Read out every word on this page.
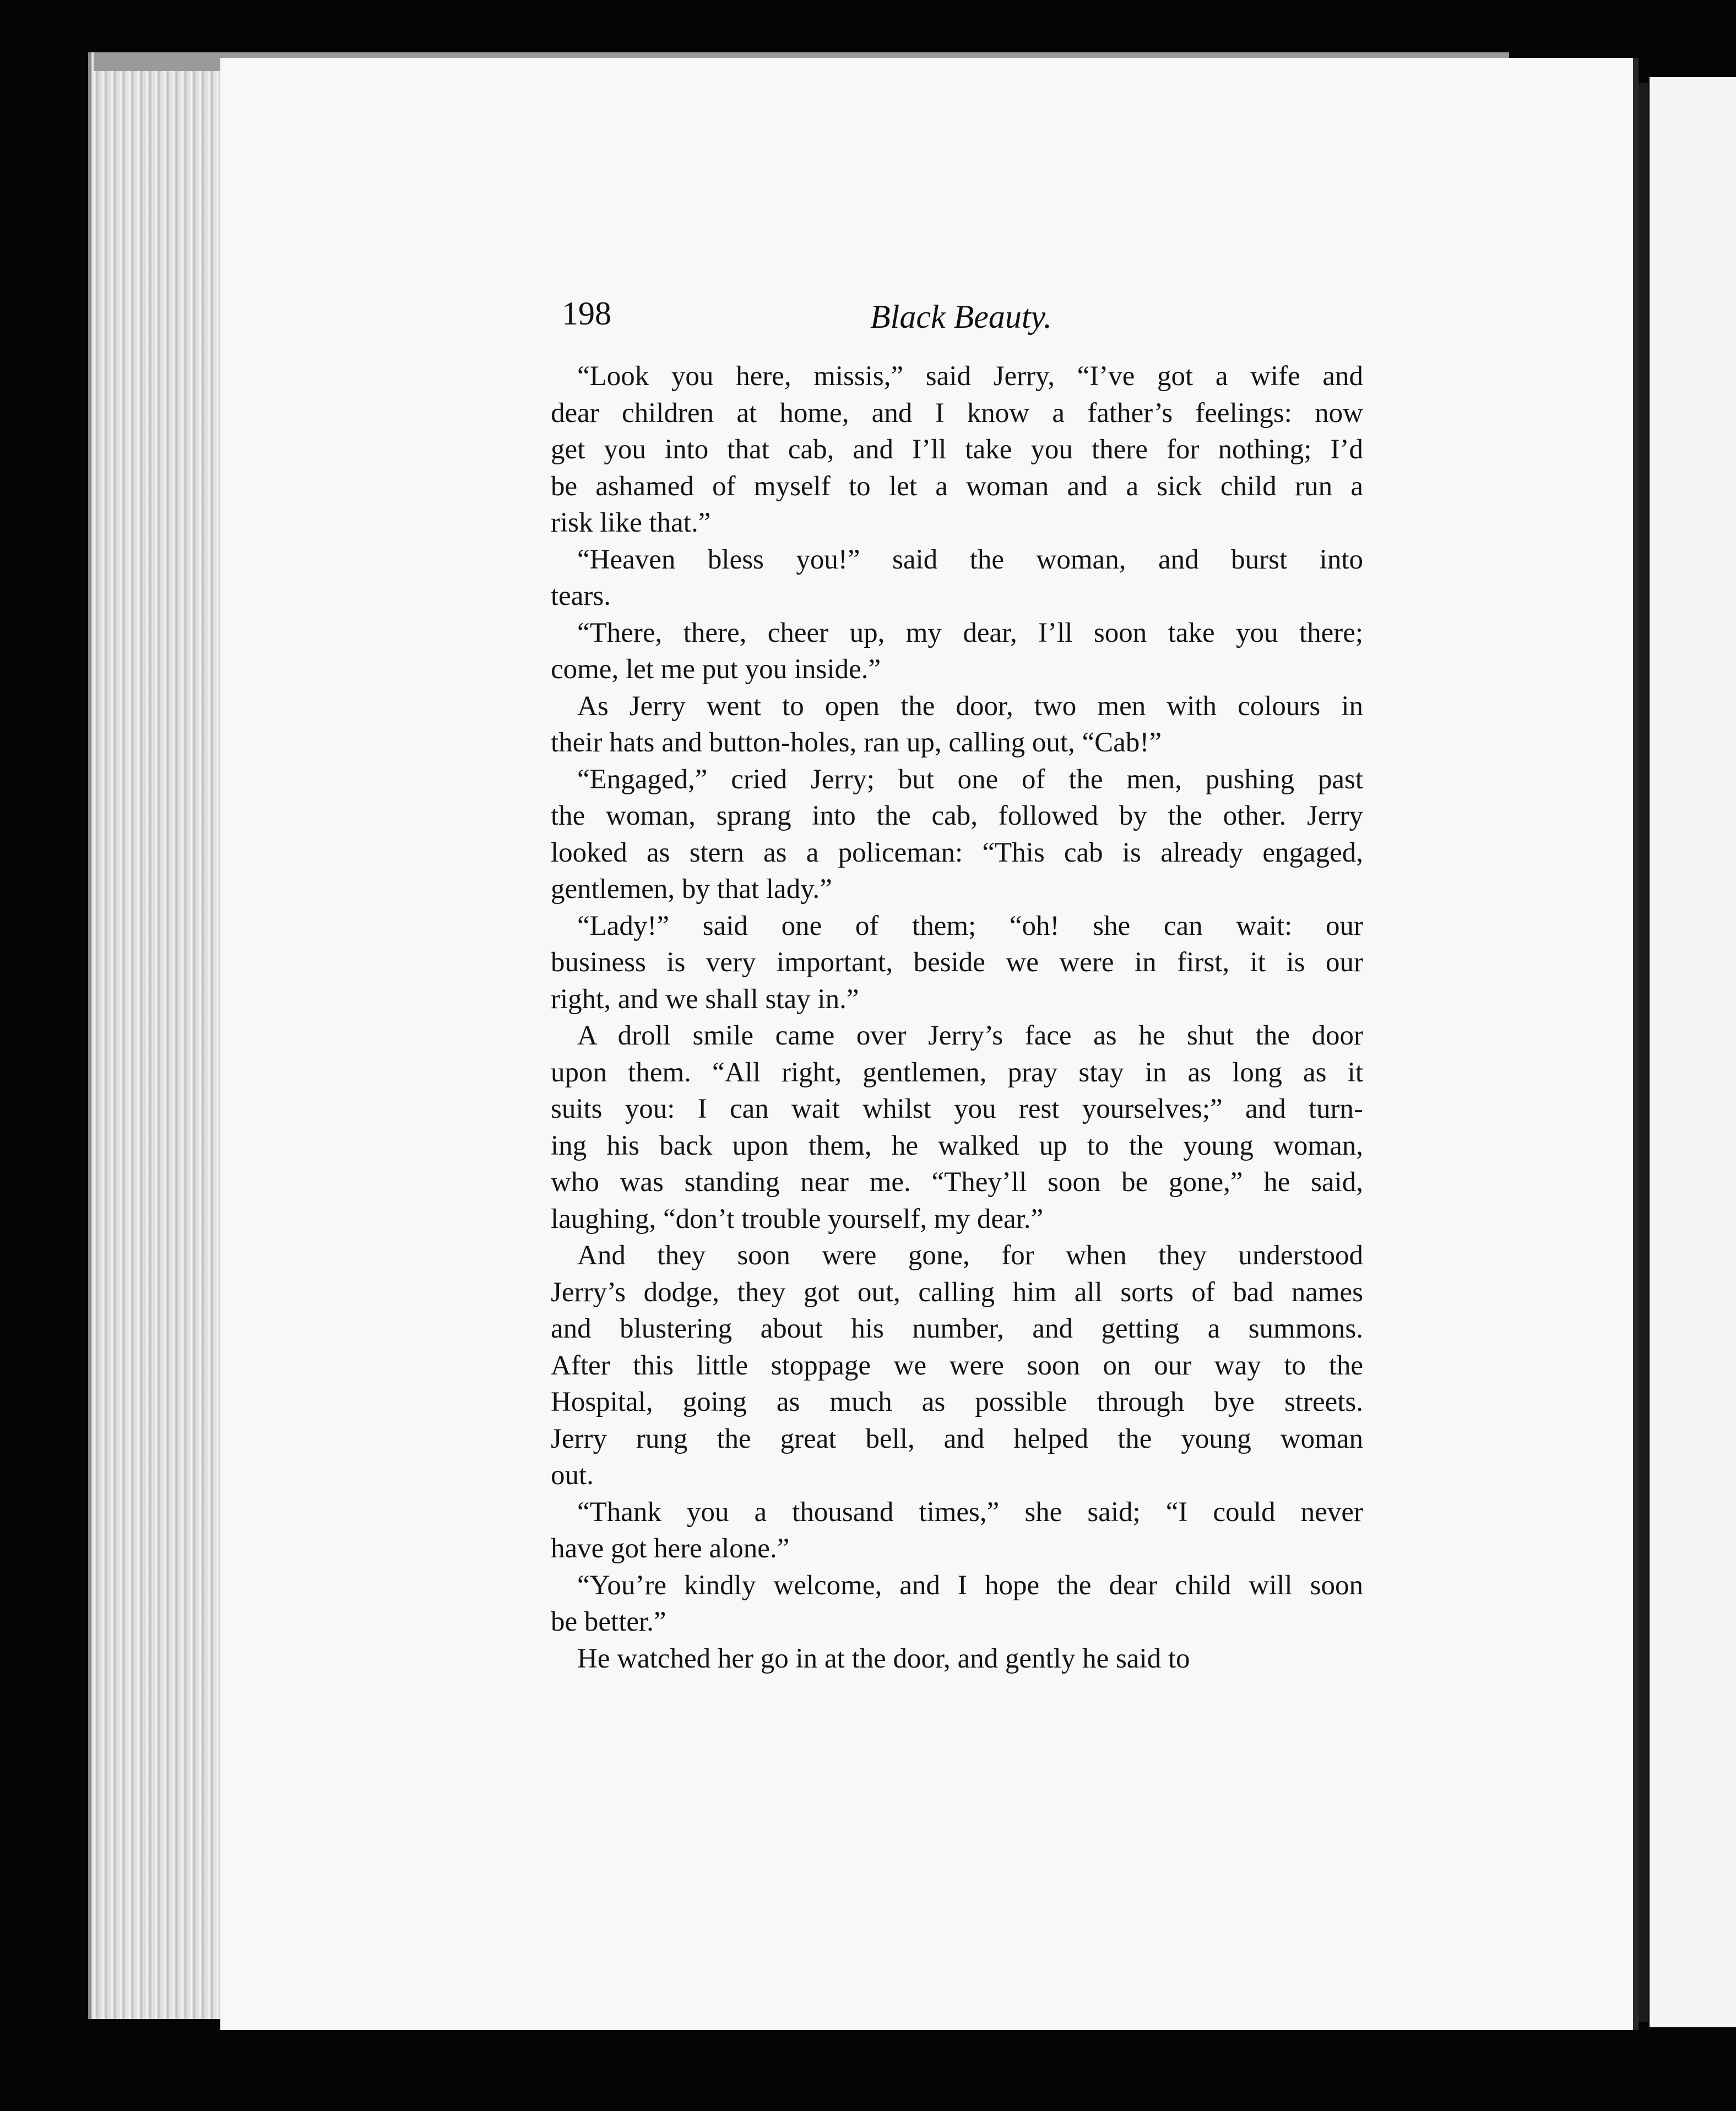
198	Black Beauty.
“Look you here, missis,” said Jerry, “I’ve got a wife and
dear children at home, and I know a father’s feelings: now
get you into that cab, and I’ll take you there for nothing; I’d
be ashamed of myself to let a woman and a sick child run a
risk like that.”
“Heaven bless you!” said the woman, and burst into
tears.
“There, there, cheer up, my dear, I’ll soon take you there;
come, let me put you inside.”
As Jerry went to open the door, two men with colours in
their hats and button-holes, ran up, calling out, “Cab!”
“Engaged,” cried Jerry; but one of the men, pushing past
the woman, sprang into the cab, followed by the other. Jerry
looked as stern as a policeman: “This cab is already engaged,
gentlemen, by that lady.”
“Lady!” said one of them; “oh! she can wait: our
business is very important, beside we were in first, it is our
right, and we shall stay in.”
A droll smile came over Jerry’s face as he shut the door
upon them. “All right, gentlemen, pray stay in as long as it
suits you: I can wait whilst you rest yourselves;” and turn-
ing his back upon them, he walked up to the young woman,
who was standing near me. “They’ll soon be gone,” he said,
laughing, “don’t trouble yourself, my dear.”
And they soon were gone, for when they understood
Jerry’s dodge, they got out, calling him all sorts of bad names
and blustering about his number, and getting a summons.
After this little stoppage we were soon on our way to the
Hospital, going as much as possible through bye streets.
Jerry rung the great bell, and helped the young woman
out.
“Thank you a thousand times,” she said; “I could never
have got here alone.”
“You’re kindly welcome, and I hope the dear child will soon
be better.”
He watched her go in at the door, and gently he said to
